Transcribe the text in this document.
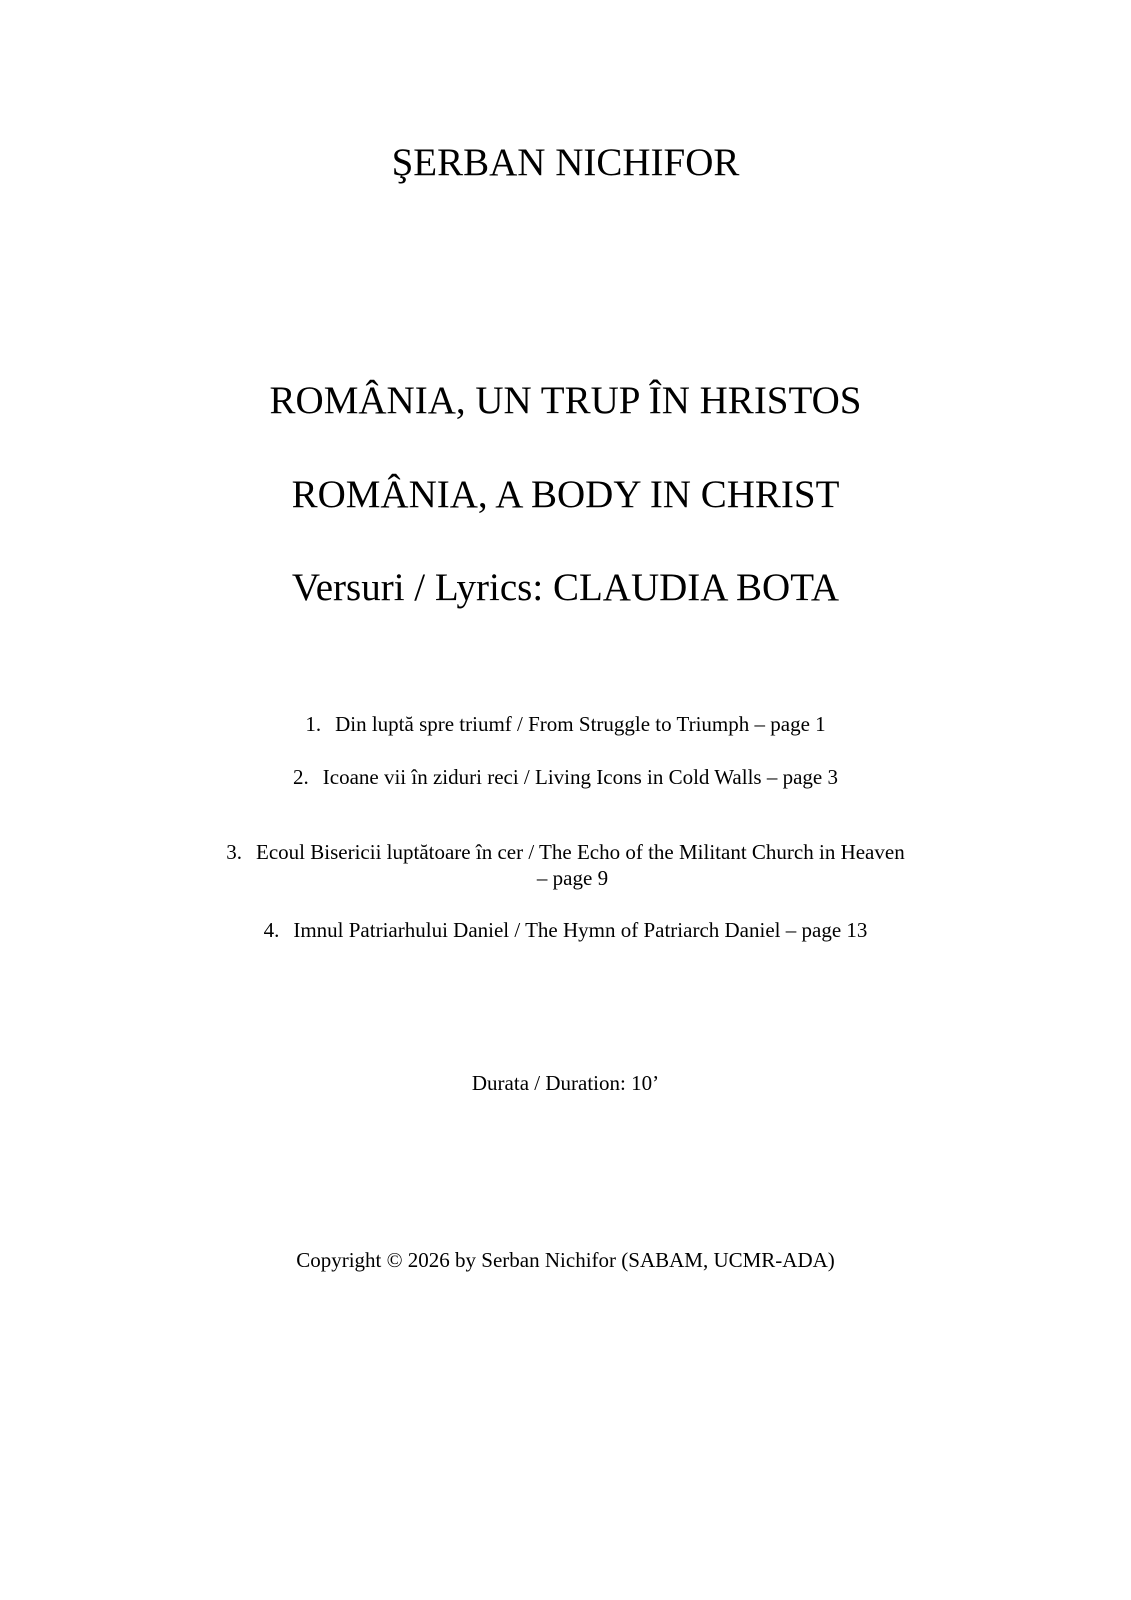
ŞERBAN NICHIFOR
ROMÂNIA, UN TRUP ÎN HRISTOS
ROMÂNIA, A BODY IN CHRIST
Versuri / Lyrics: CLAUDIA BOTA
1. Din luptă spre triumf / From Struggle to Triumph – page 1
2. Icoane vii în ziduri reci / Living Icons in Cold Walls – page 3
3. Ecoul Bisericii luptătoare în cer / The Echo of the Militant Church in Heaven
– page 9
4. Imnul Patriarhului Daniel / The Hymn of Patriarch Daniel – page 13
Durata / Duration: 10’
Copyright © 2026 by Serban Nichifor (SABAM, UCMR-ADA)
